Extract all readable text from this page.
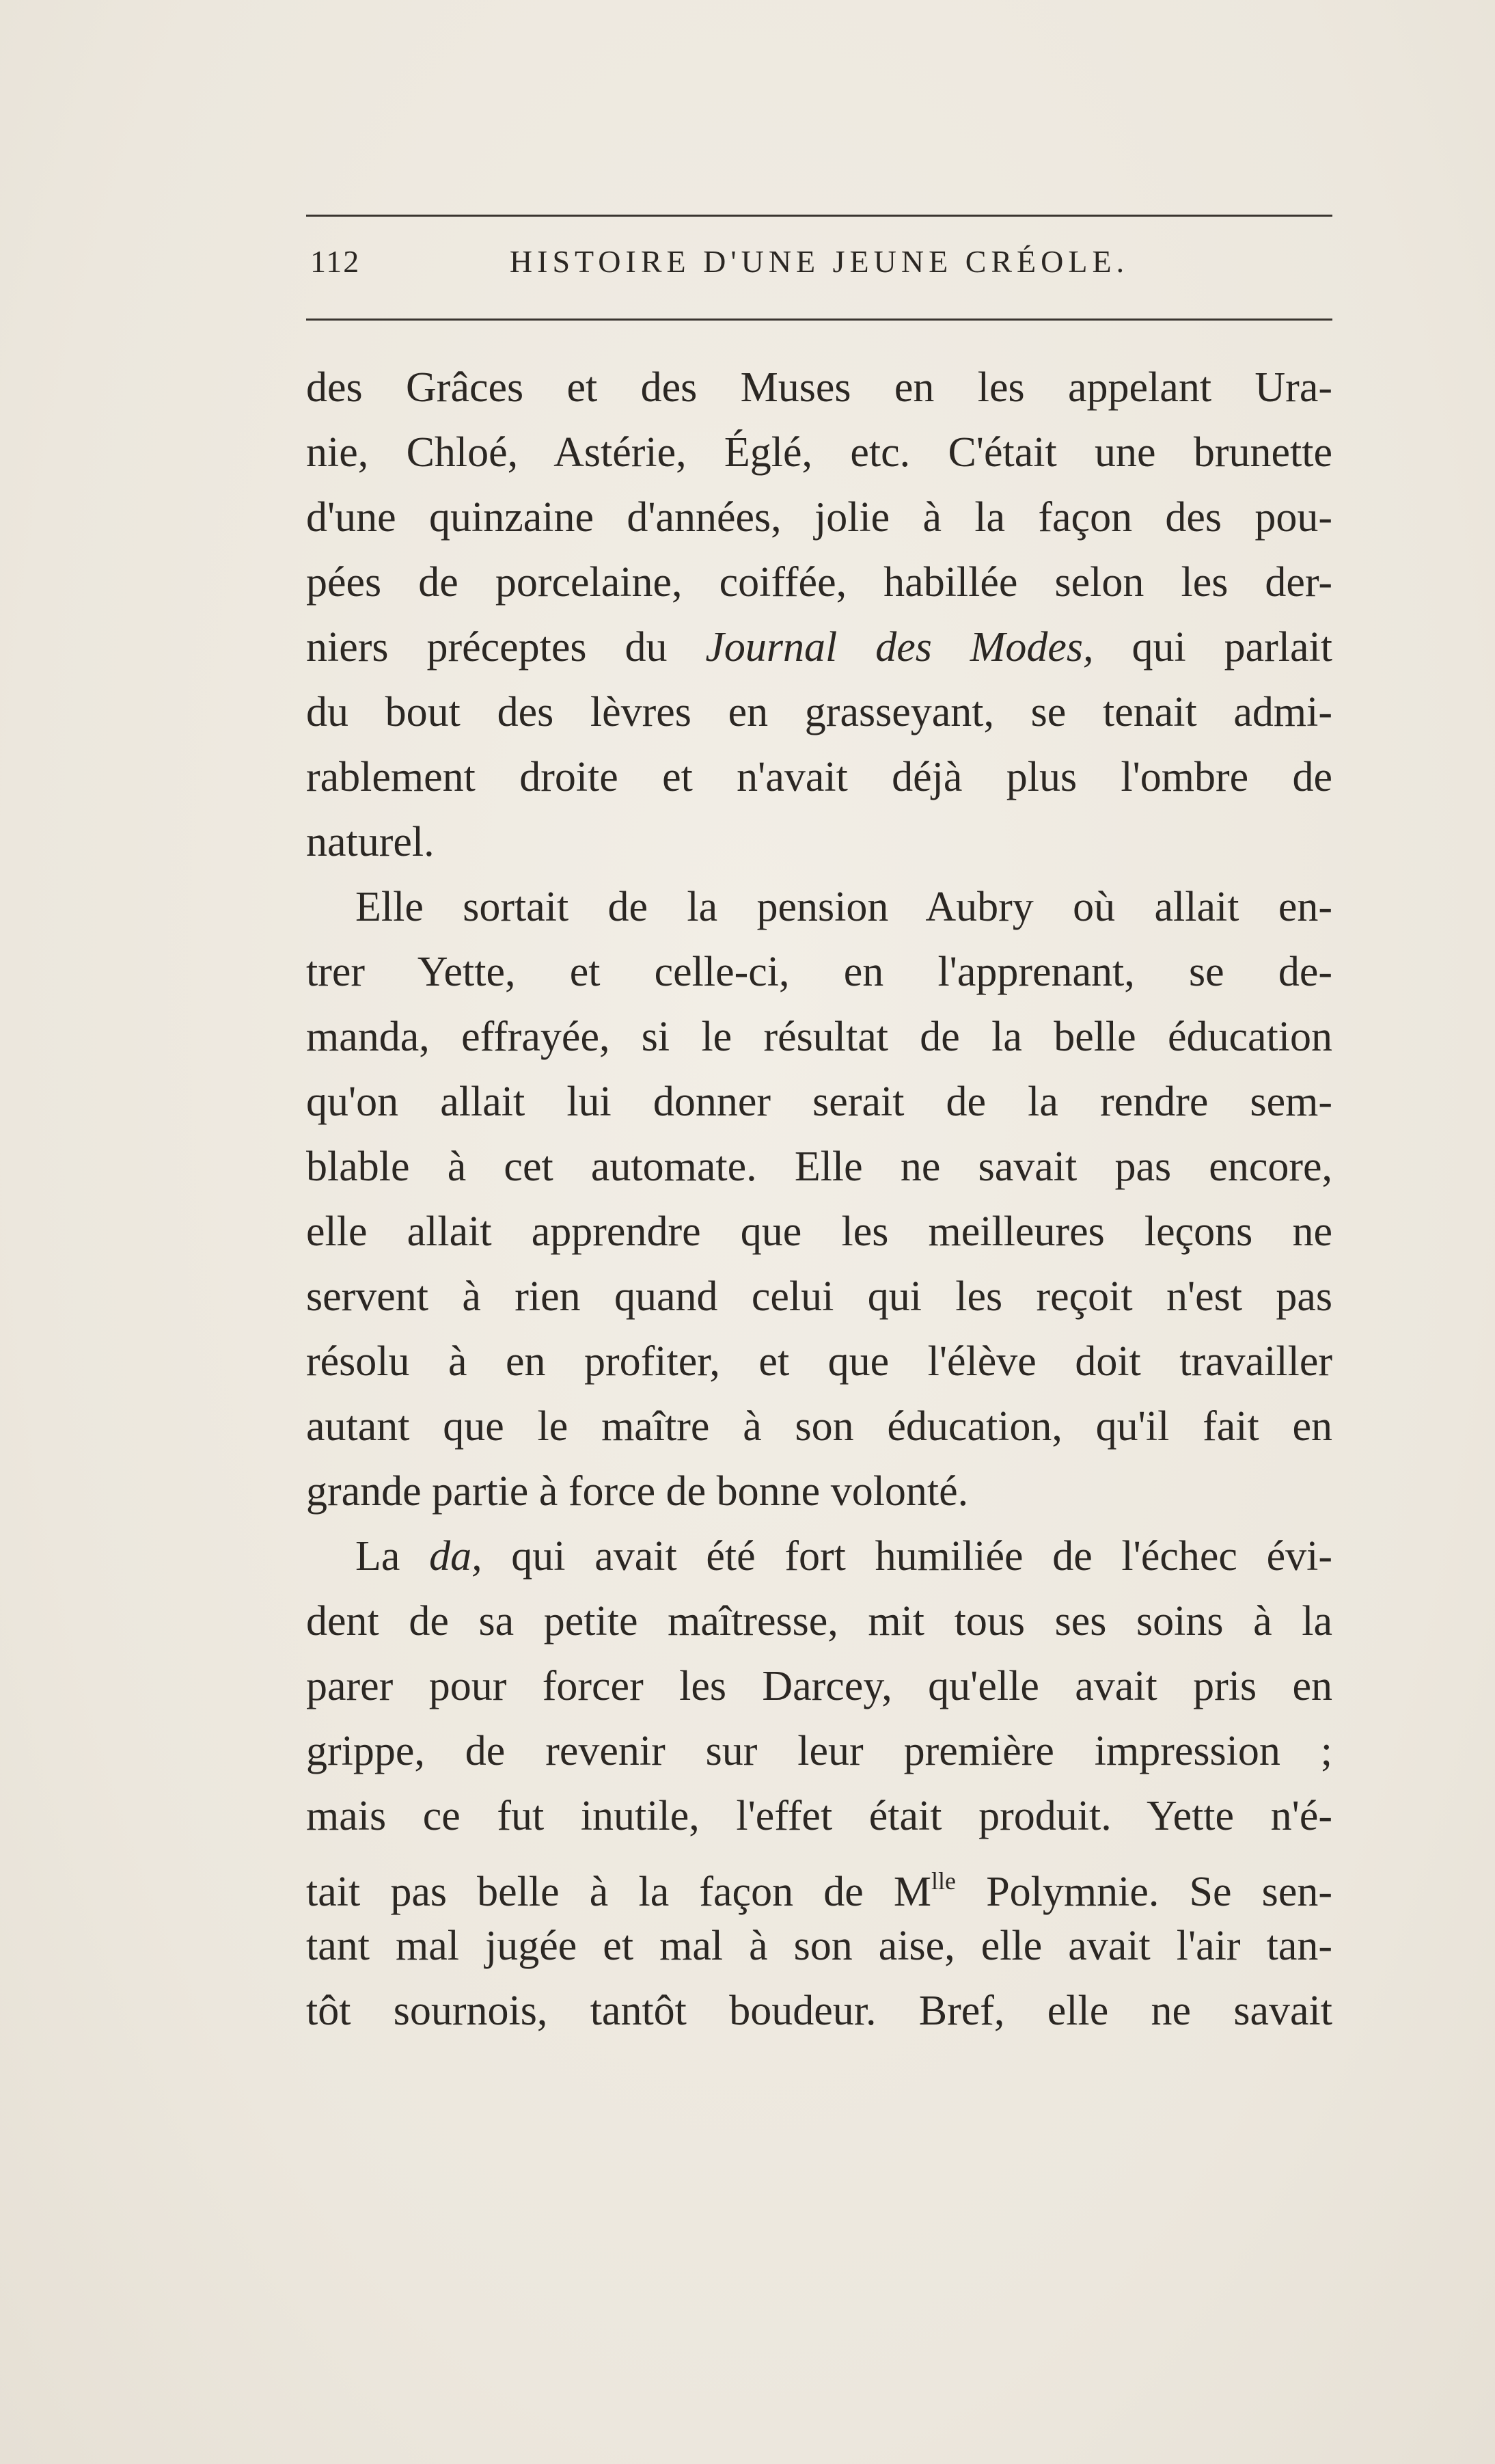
112	HISTOIRE D'UNE JEUNE CRÉOLE.
des Grâces et des Muses en les appelant Ura-
nie, Chloé, Astérie, Églé, etc. C'était une brunette
d'une quinzaine d'années, jolie à la façon des pou-
pées de porcelaine, coiffée, habillée selon les der-
niers préceptes du Journal des Modes, qui parlait
du bout des lèvres en grasseyant, se tenait admi-
rablement droite et n'avait déjà plus l'ombre de
naturel.
Elle sortait de la pension Aubry où allait en-
trer Yette, et celle-ci, en l'apprenant, se de-
manda, effrayée, si le résultat de la belle éducation
qu'on allait lui donner serait de la rendre sem-
blable à cet automate. Elle ne savait pas encore,
elle allait apprendre que les meilleures leçons ne
servent à rien quand celui qui les reçoit n'est pas
résolu à en profiter, et que l'élève doit travailler
autant que le maître à son éducation, qu'il fait en
grande partie à force de bonne volonté.
La da, qui avait été fort humiliée de l'échec évi-
dent de sa petite maîtresse, mit tous ses soins à la
parer pour forcer les Darcey, qu'elle avait pris en
grippe, de revenir sur leur première impression ;
mais ce fut inutile, l'effet était produit. Yette n'é-
tait pas belle à la façon de $M^{lle}$ Polymnie. Se sen-
tant mal jugée et mal à son aise, elle avait l'air tan-
tôt sournois, tantôt boudeur. Bref, elle ne savait
